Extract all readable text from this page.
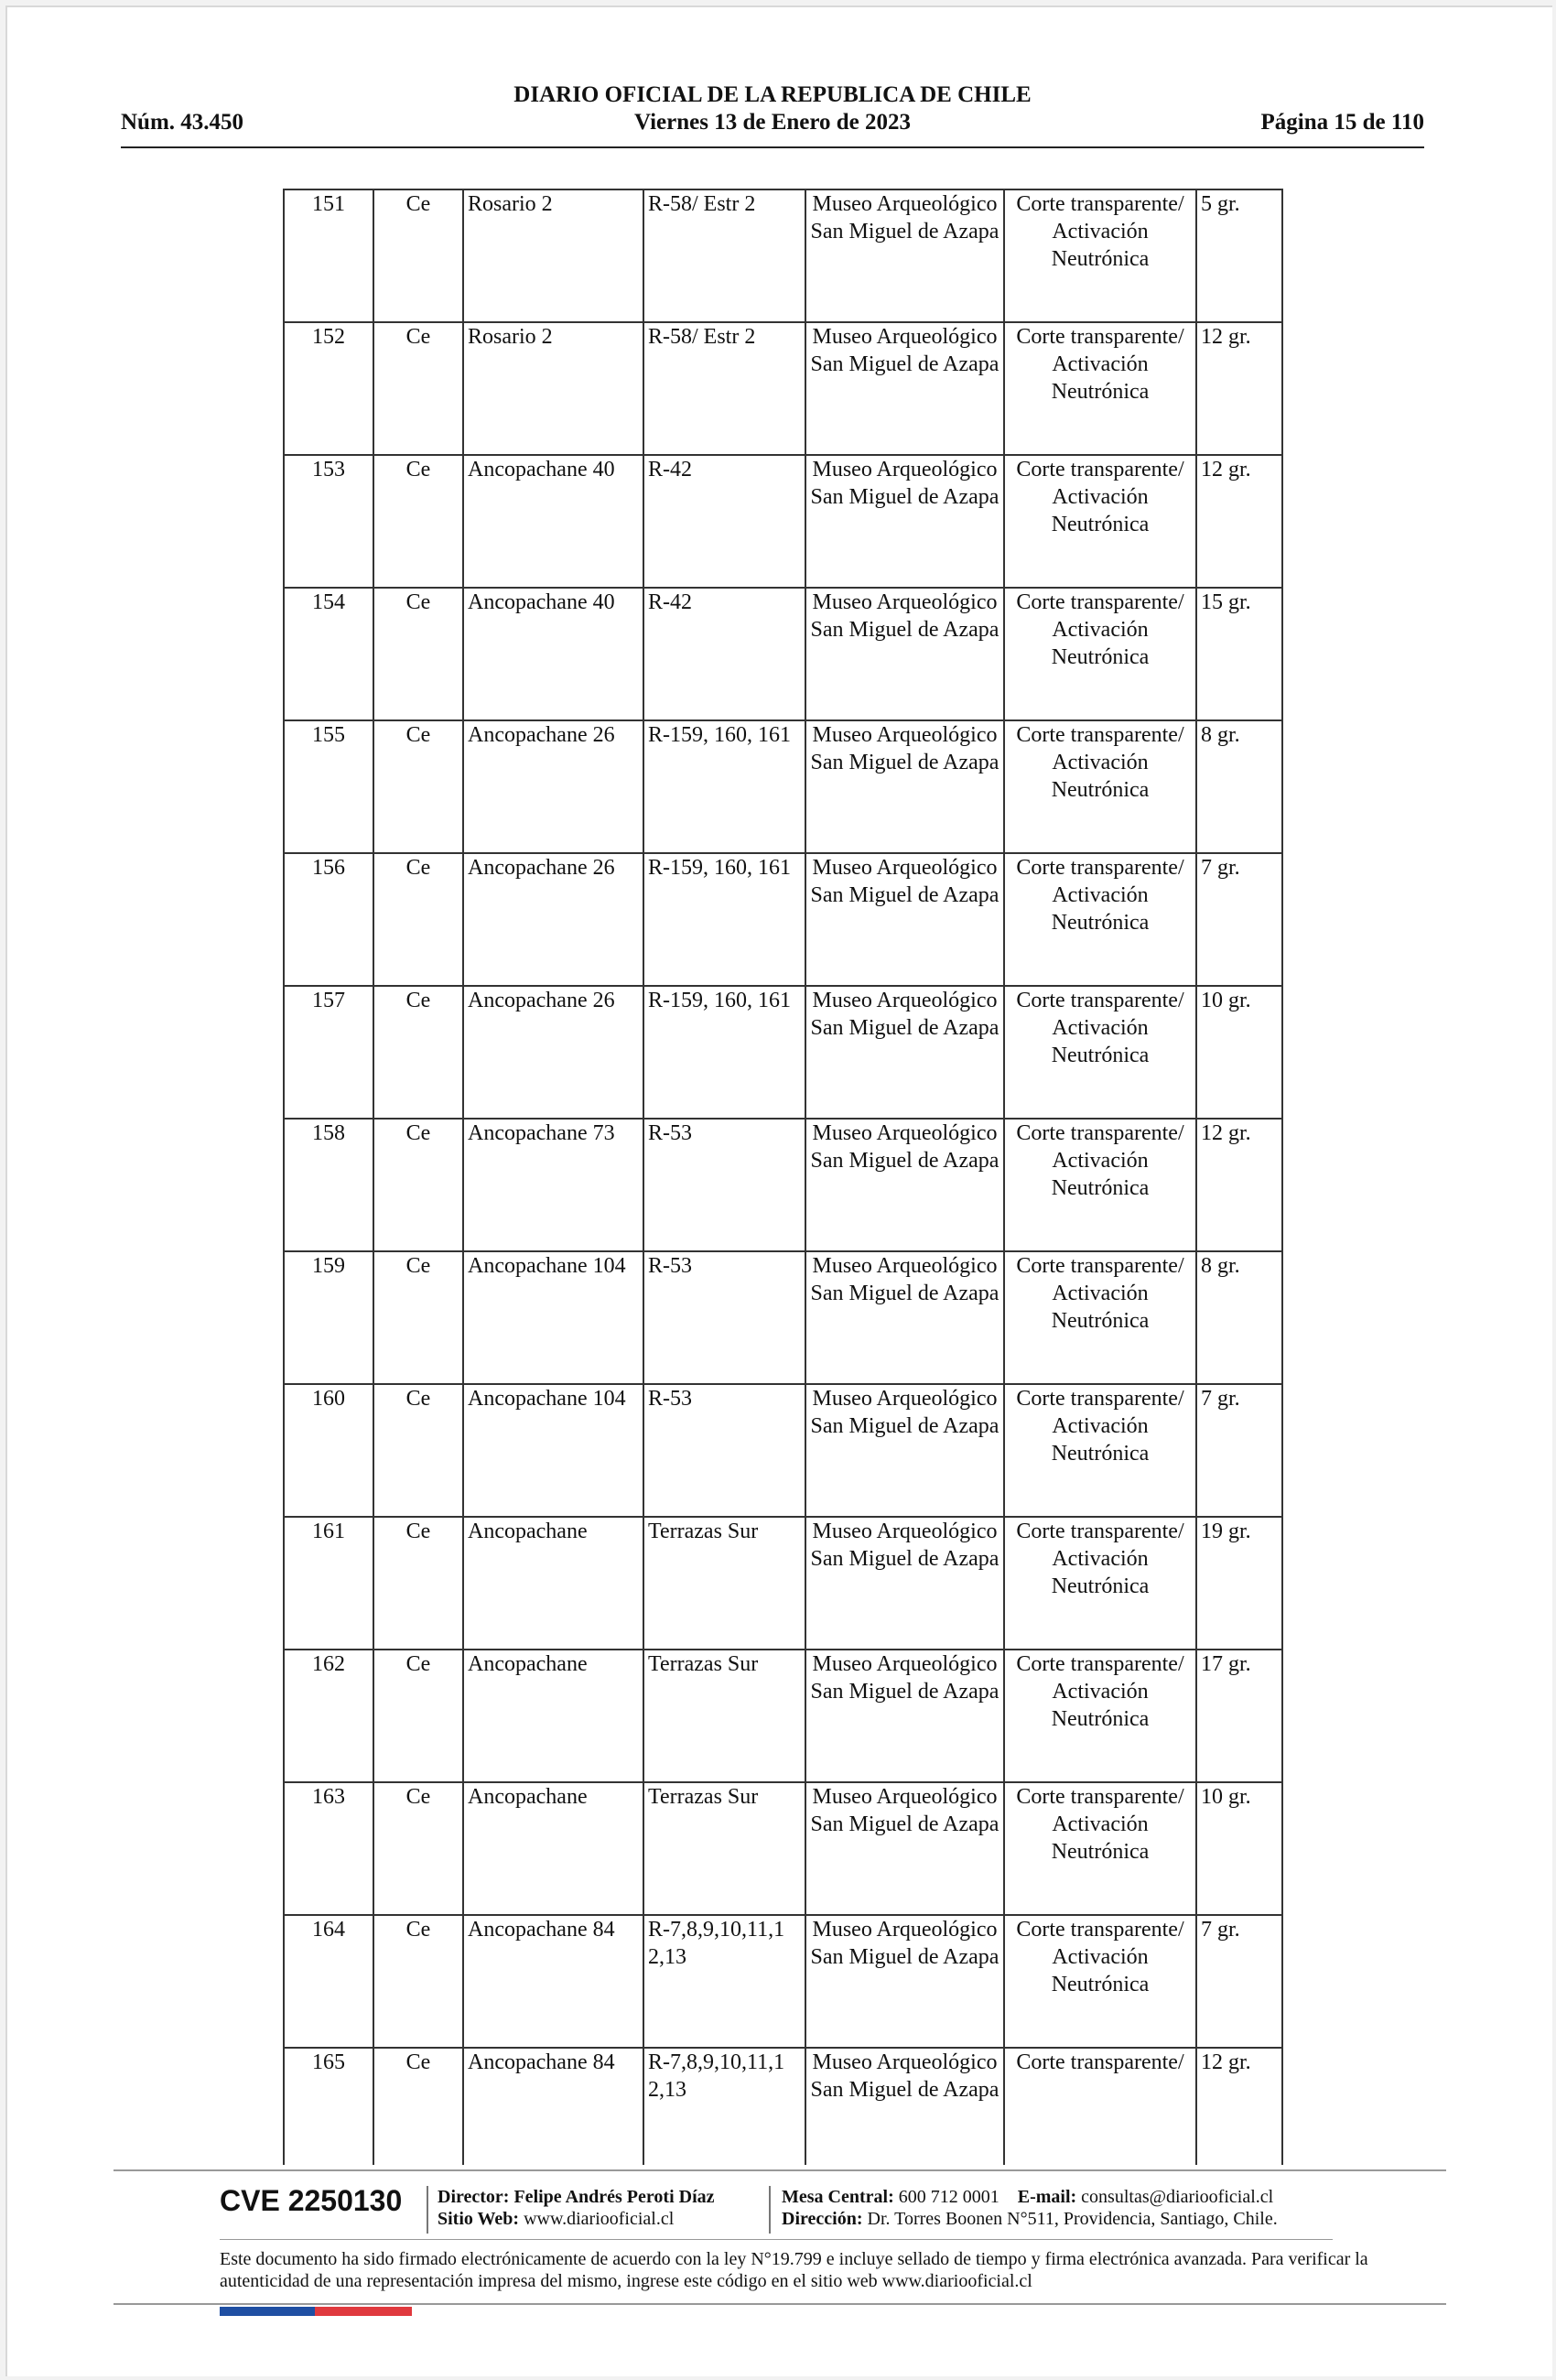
DIARIO OFICIAL DE LA REPUBLICA DE CHILE
Núm. 43.450	Viernes 13 de Enero de 2023	Página 15 de 110
151	Ce	Rosario 2	R-58/ Estr 2	Museo Arqueológico San Miguel de Azapa	Corte transparente/ Activación Neutrónica	5 gr.
152	Ce	Rosario 2	R-58/ Estr 2	Museo Arqueológico San Miguel de Azapa	Corte transparente/ Activación Neutrónica	12 gr.
153	Ce	Ancopachane 40	R-42	Museo Arqueológico San Miguel de Azapa	Corte transparente/ Activación Neutrónica	12 gr.
154	Ce	Ancopachane 40	R-42	Museo Arqueológico San Miguel de Azapa	Corte transparente/ Activación Neutrónica	15 gr.
155	Ce	Ancopachane 26	R-159, 160, 161	Museo Arqueológico San Miguel de Azapa	Corte transparente/ Activación Neutrónica	8 gr.
156	Ce	Ancopachane 26	R-159, 160, 161	Museo Arqueológico San Miguel de Azapa	Corte transparente/ Activación Neutrónica	7 gr.
157	Ce	Ancopachane 26	R-159, 160, 161	Museo Arqueológico San Miguel de Azapa	Corte transparente/ Activación Neutrónica	10 gr.
158	Ce	Ancopachane 73	R-53	Museo Arqueológico San Miguel de Azapa	Corte transparente/ Activación Neutrónica	12 gr.
159	Ce	Ancopachane 104	R-53	Museo Arqueológico San Miguel de Azapa	Corte transparente/ Activación Neutrónica	8 gr.
160	Ce	Ancopachane 104	R-53	Museo Arqueológico San Miguel de Azapa	Corte transparente/ Activación Neutrónica	7 gr.
161	Ce	Ancopachane	Terrazas Sur	Museo Arqueológico San Miguel de Azapa	Corte transparente/ Activación Neutrónica	19 gr.
162	Ce	Ancopachane	Terrazas Sur	Museo Arqueológico San Miguel de Azapa	Corte transparente/ Activación Neutrónica	17 gr.
163	Ce	Ancopachane	Terrazas Sur	Museo Arqueológico San Miguel de Azapa	Corte transparente/ Activación Neutrónica	10 gr.
164	Ce	Ancopachane 84	R-7,8,9,10,11,12,13	Museo Arqueológico San Miguel de Azapa	Corte transparente/ Activación Neutrónica	7 gr.
165	Ce	Ancopachane 84	R-7,8,9,10,11,12,13	Museo Arqueológico San Miguel de Azapa	Corte transparente/	12 gr.
CVE 2250130 Director: Felipe Andrés Peroti Díaz
Sitio Web: www.diariooficial.cl
Mesa Central: 600 712 0001 E-mail: consultas@diariooficial.cl
Dirección: Dr. Torres Boonen N°511, Providencia, Santiago, Chile.
Este documento ha sido firmado electrónicamente de acuerdo con la ley N°19.799 e incluye sellado de tiempo y firma electrónica avanzada. Para verificar la autenticidad de una representación impresa del mismo, ingrese este código en el sitio web www.diariooficial.cl
